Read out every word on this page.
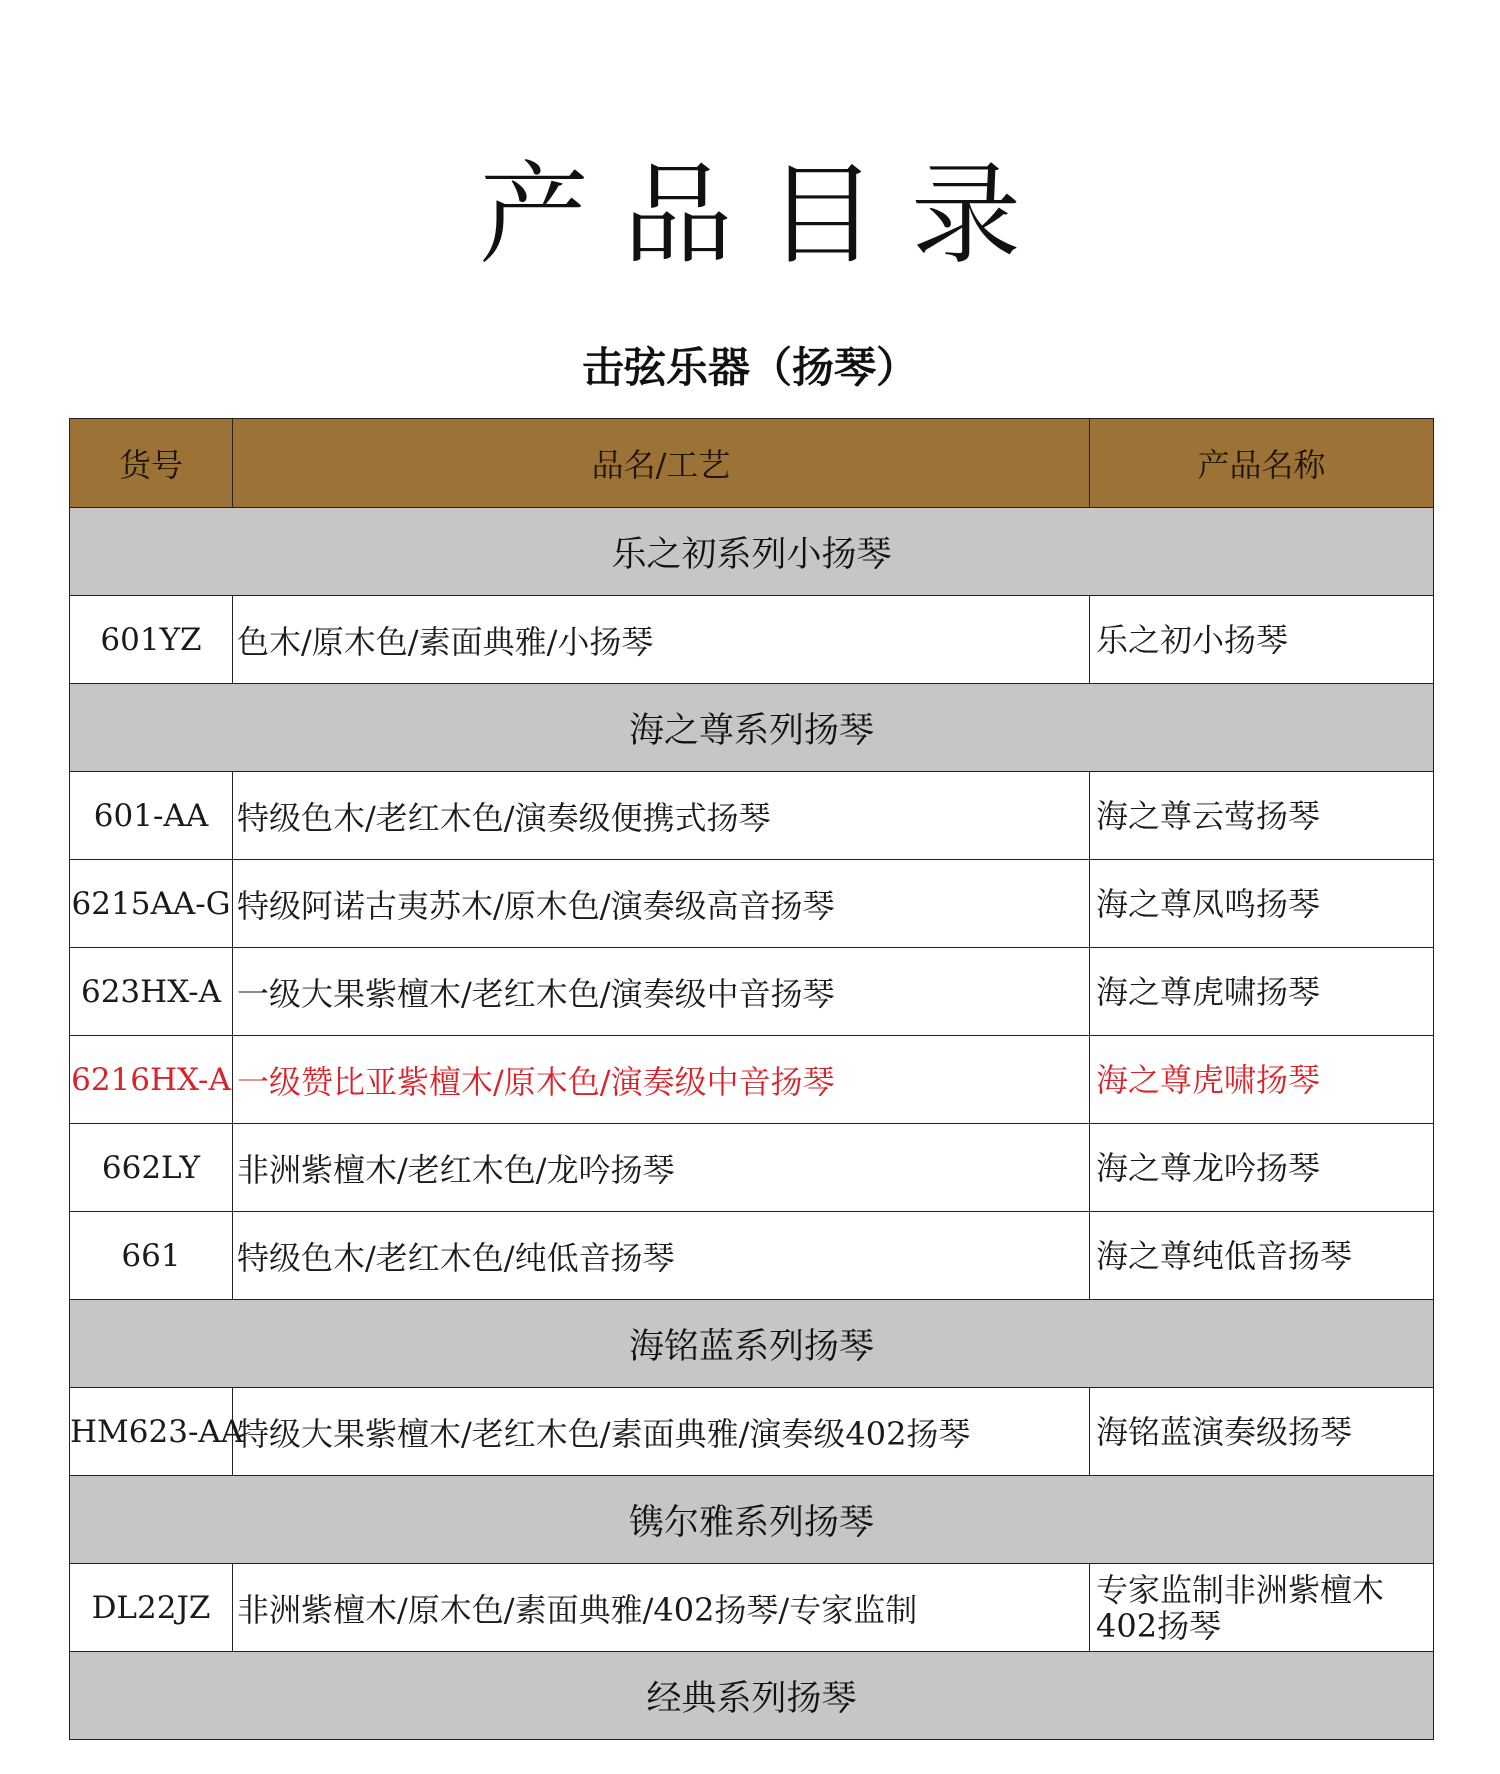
产品目录
击弦乐器（扬琴）
货号	品名/工艺	产品名称
乐之初系列小扬琴		
601YZ	色木/原木色/素面典雅/小扬琴	乐之初小扬琴
海之尊系列扬琴		
601-AA	特级色木/老红木色/演奏级便携式扬琴	海之尊云莺扬琴
6215AA-G	特级阿诺古夷苏木/原木色/演奏级高音扬琴	海之尊凤鸣扬琴
623HX-A	一级大果紫檀木/老红木色/演奏级中音扬琴	海之尊虎啸扬琴
6216HX-A	一级赞比亚紫檀木/原木色/演奏级中音扬琴	海之尊虎啸扬琴
662LY	非洲紫檀木/老红木色/龙吟扬琴	海之尊龙吟扬琴
661	特级色木/老红木色/纯低音扬琴	海之尊纯低音扬琴
海铭蓝系列扬琴		
HM623-AA	特级大果紫檀木/老红木色/素面典雅/演奏级402扬琴	海铭蓝演奏级扬琴
镌尔雅系列扬琴		
DL22JZ	非洲紫檀木/原木色/素面典雅/402扬琴/专家监制	专家监制非洲紫檀木402扬琴
经典系列扬琴		
